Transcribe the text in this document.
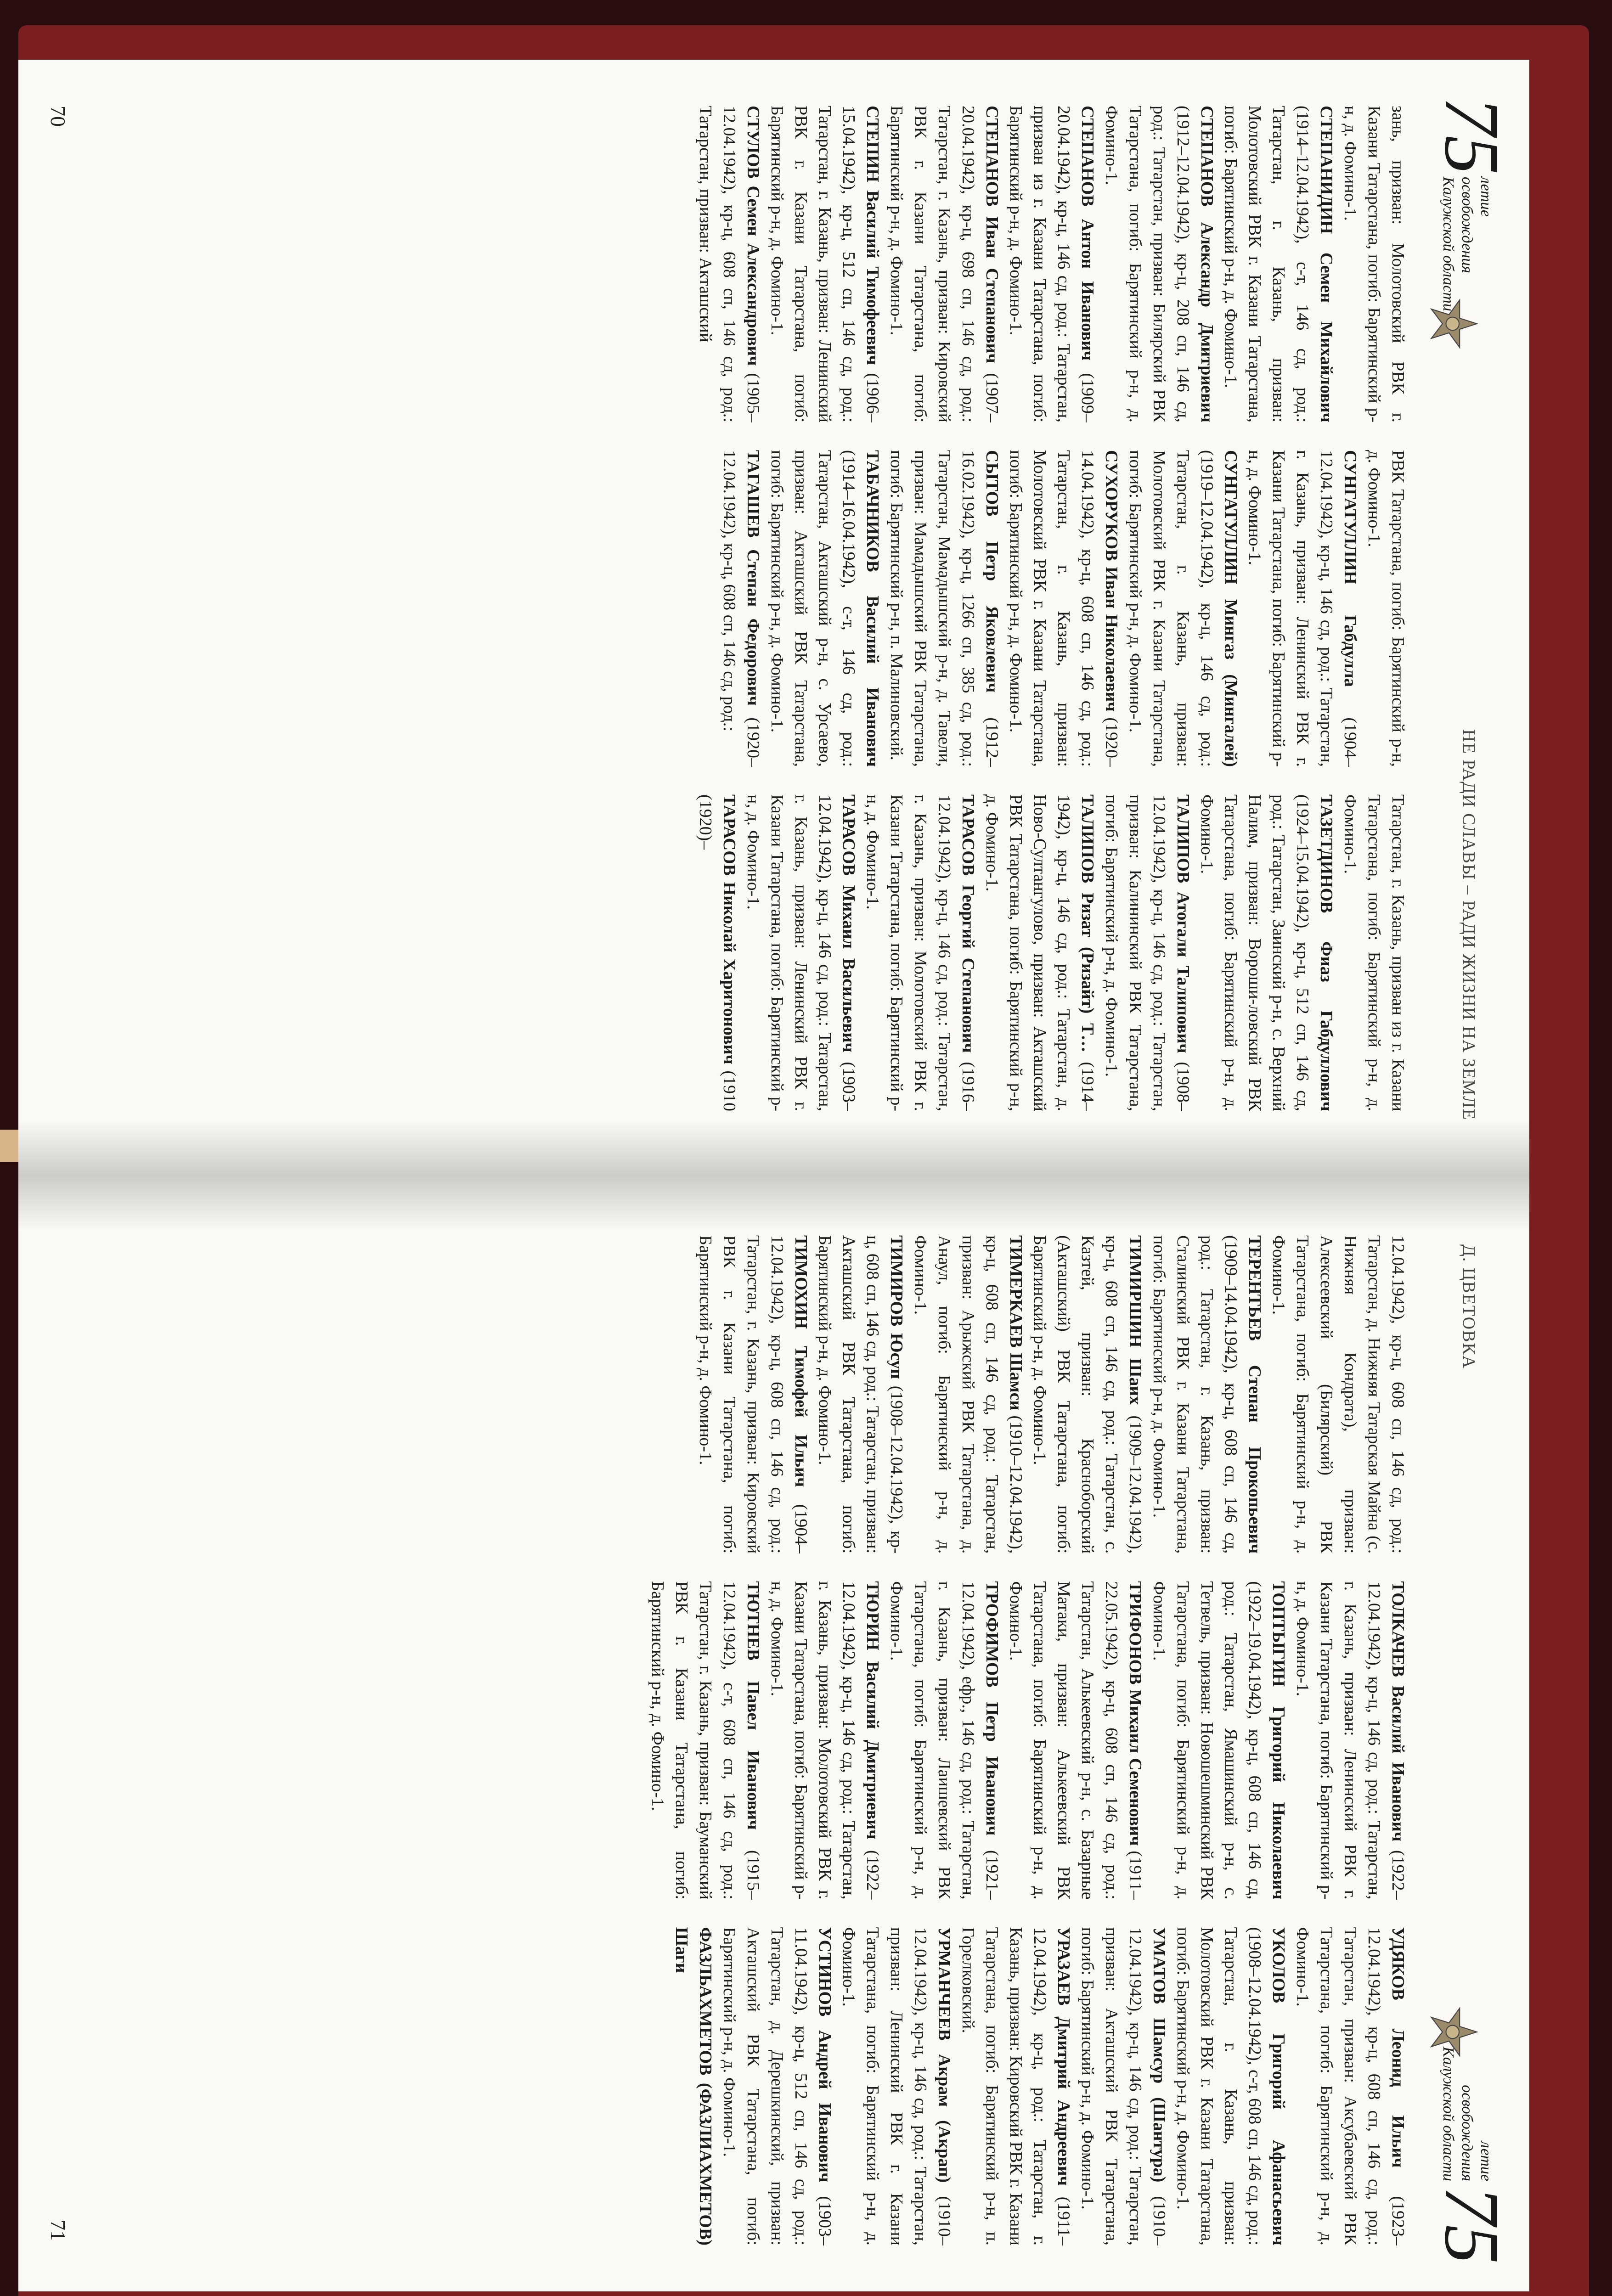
75
летие освобождения
Калужской области
НЕ РАДИ СЛАВЫ – РАДИ ЖИЗНИ НА ЗЕМЛЕ

зань, призван: Молотовский РВК г. Казани Татарстана, погиб: Барятинский р-н, д. Фомино-1.

СТЕПАНИДИН Семен Михайлович (1914–12.04.1942), с-т, 146 сд, род.: Татарстан, г. Казань, призван: Молотовский РВК г. Казани Татарстана, погиб: Барятинский р-н, д. Фомино-1.

СТЕПАНОВ Александр Дмитриевич (1912–12.04.1942), кр-ц, 208 сп, 146 сд, род.: Татарстан, призван: Билярский РВК Татарстана, погиб: Барятинский р-н, д. Фомино-1.

СТЕПАНОВ Антон Иванович (1909–20.04.1942), кр-ц, 146 сд, род.: Татарстан, призван из г. Казани Татарстана, погиб: Барятинский р-н, д. Фомино-1.

СТЕПАНОВ Иван Степанович (1907–20.04.1942), кр-ц, 698 сп, 146 сд, род.: Татарстан, г. Казань, призван: Кировский РВК г. Казани Татарстана, погиб: Барятинский р-н, д. Фомино-1.

СТЕПИН Василий Тимофеевич (1906–15.04.1942), кр-ц, 512 сп, 146 сд, род.: Татарстан, г. Казань, призван: Ленинский РВК г. Казани Татарстана, погиб: Барятинский р-н, д. Фомино-1.

СТУЛОВ Семен Александрович (1905–12.04.1942), кр-ц, 608 сп, 146 сд, род.: Татарстан, призван: Акташский

РВК Татарстана, погиб: Барятинский р-н, д. Фомино-1.

СУНГАТУЛЛИН Габдулла (1904–12.04.1942), кр-ц, 146 сд, род.: Татарстан, г. Казань, призван: Ленинский РВК г. Казани Татарстана, погиб: Барятинский р-н, д. Фомино-1.

СУНГАТУЛЛИН Мингаз (Мингалей) (1919–12.04.1942), кр-ц, 146 сд, род.: Татарстан, г. Казань, призван: Молотовский РВК г. Казани Татарстана, погиб: Барятинский р-н, д. Фомино-1.

СУХОРУКОВ Иван Николаевич (1920–14.04.1942), кр-ц, 608 сп, 146 сд, род.: Татарстан, г. Казань, призван: Молотовский РВК г. Казани Татарстана, погиб: Барятинский р-н, д. Фомино-1.

СЫТОВ Петр Яковлевич (1912–16.02.1942), кр-ц, 1266 сп, 385 сд, род.: Татарстан, Мамадышский р-н, д. Тавели, призван: Мамадышский РВК Татарстана, погиб: Барятинский р-н, п. Малиновский.

ТАБАЧНИКОВ Василий Иванович (1914–16.04.1942), с-т, 146 сд, род.: Татарстан, Акташский р-н, с. Урсаево, призван: Акташский РВК Татарстана, погиб: Барятинский р-н, д. Фомино-1.

ТАГАШЕВ Степан Федорович (1920–12.04.1942), кр-ц, 608 сп, 146 сд, род.:

Татарстан, г. Казань, призван из г. Казани Татарстана, погиб: Барятинский р-н, д. Фомино-1.

ТАЗЕТДИНОВ Фиаз Габдуллович (1924–15.04.1942), кр-ц, 512 сп, 146 сд, род.: Татарстан, Заинский р-н, с. Верхний Налим, призван: Вороши-ловский РВК Татарстана, погиб: Барятинский р-н, д. Фомино-1.

ТАЛИПОВ Атогали Талипович (1908–12.04.1942), кр-ц, 146 сд, род.: Татарстан, призван: Калининский РВК Татарстана, погиб: Барятинский р-н, д. Фомино-1.

ТАЛИПОВ Ризат (Ризайт) Т… (1914–1942), кр-ц, 146 сд, род.: Татарстан, д. Ново-Султангулово, призван: Акташский РВК Татарстана, погиб: Барятинский р-н, д. Фомино-1.

ТАРАСОВ Георгий Степанович (1916–12.04.1942), кр-ц, 146 сд, род.: Татарстан, г. Казань, призван: Молотовский РВК г. Казани Татарстана, погиб: Барятинский р-н, д. Фомино-1.

ТАРАСОВ Михаил Васильевич (1903–12.04.1942), кр-ц, 146 сд, род.: Татарстан, г. Казань, призван: Ленинский РВК г. Казани Татарстана, погиб: Барятинский р-н, д. Фомино-1.

ТАРАСОВ Николай Харитонович (1910 (1920)–

70
летие освобождения
Калужской области
75
Д. ЦВЕТОВКА

12.04.1942), кр-ц, 608 сп, 146 сд, род.: Татарстан, д. Нижняя Татарская Майна (с. Нижняя Кондрата), призван: Алексеевский (Билярский) РВК Татарстана, погиб: Барятинский р-н, д. Фомино-1.

ТЕРЕНТЬЕВ Степан Прокопьевич (1909–14.04.1942), кр-ц, 608 сп, 146 сд, род.: Татарстан, г. Казань, призван: Сталинский РВК г. Казани Татарстана, погиб: Барятинский р-н, д. Фомино-1.

ТИМИРШИН Шаих (1909–12.04.1942), кр-ц, 608 сп, 146 сд, род.: Татарстан, с. Казтей, призван: Красноборский (Акташский) РВК Татарстана, погиб: Барятинский р-н, д. Фомино-1.

ТИМЕРКАЕВ Шамси (1910–12.04.1942), кр-ц, 608 сп, 146 сд, род.: Татарстан, призван: Арыжский РВК Татарстана, д. Анаул, погиб: Барятинский р-н, д. Фомино-1.

ТИМИРОВ Юсуп (1908–12.04.1942), кр-ц, 608 сп, 146 сд, род.: Татарстан, призван: Акташский РВК Татарстана, погиб: Барятинский р-н, д. Фомино-1.

ТИМОХИН Тимофей Ильич (1904–12.04.1942), кр-ц, 608 сп, 146 сд, род.: Татарстан, г. Казань, призван: Кировский РВК г. Казани Татарстана, погиб: Барятинский р-н, д. Фомино-1.

ТОЛКАЧЕВ Василий Иванович (1922–12.04.1942), кр-ц, 146 сд, род.: Татарстан, г. Казань, призван: Ленинский РВК г. Казани Татарстана, погиб: Барятинский р-н, д. Фомино-1.

ТОПТЫГИН Григорий Николаевич (1922–19.04.1942), кр-ц, 608 сп, 146 сд, род.: Татарстан, Ямашинский р-н, с. Тетвель, призван: Новошешминский РВК Татарстана, погиб: Барятинский р-н, д. Фомино-1.

ТРИФОНОВ Михаил Семенович (1911–22.05.1942), кр-ц, 608 сп, 146 сд, род.: Татарстан, Алькеевский р-н, с. Базарные Матаки, призван: Алькеевский РВК Татарстана, погиб: Барятинский р-н, д. Фомино-1.

ТРОФИМОВ Петр Иванович (1921–12.04.1942), ефр., 146 сд, род.: Татарстан, г. Казань, призван: Лаишевский РВК Татарстана, погиб: Барятинский р-н, д. Фомино-1.

ТЮРИН Василий Дмитриевич (1922–12.04.1942), кр-ц, 146 сд, род.: Татарстан, г. Казань, призван: Молотовский РВК г. Казани Татарстана, погиб: Барятинский р-н, д. Фомино-1.

ТЮТНЕВ Павел Иванович (1915–12.04.1942), с-т, 608 сп, 146 сд, род.: Татарстан, г. Казань, призван: Бауманский РВК г. Казани Татарстана, погиб: Барятинский р-н, д. Фомино-1.

УДЯКОВ Леонид Ильич (1923–12.04.1942), кр-ц, 608 сп, 146 сд, род.: Татарстан, призван: Аксубаевский РВК Татарстана, погиб: Барятинский р-н, д. Фомино-1.

УКОЛОВ Григорий Афанасьевич (1908–12.04.1942), с-т, 608 сп, 146 сд, род.: Татарстан, г. Казань, призван: Молотовский РВК г. Казани Татарстана, погиб: Барятинский р-н, д. Фомино-1.

УМАТОВ Шамсур (Шантура) (1910–12.04.1942), кр-ц, 146 сд, род.: Татарстан, призван: Акташский РВК Татарстана, погиб: Барятинский р-н, д. Фомино-1.

УРАЗАЕВ Дмитрий Андреевич (1911–12.04.1942), кр-ц, род.: Татарстан, г. Казань, призван: Кировский РВК г. Казани Татарстана, погиб: Барятинский р-н, п. Горелковский.

УРМАНЧЕЕВ Акрам (Акрап) (1910–12.04.1942), кр-ц, 146 сд, род.: Татарстан, призван: Ленинский РВК г. Казани Татарстана, погиб: Барятинский р-н, д. Фомино-1.

УСТИНОВ Андрей Иванович (1903–11.04.1942), кр-ц, 512 сп, 146 сд, род.: Татарстан, д. Дерешкинский, призван: Акташский РВК Татарстана, погиб: Барятинский р-н, д. Фомино-1.

ФАЗЛЬАХМЕТОВ (ФАЗЛИАХМЕТОВ) Шаги

71
